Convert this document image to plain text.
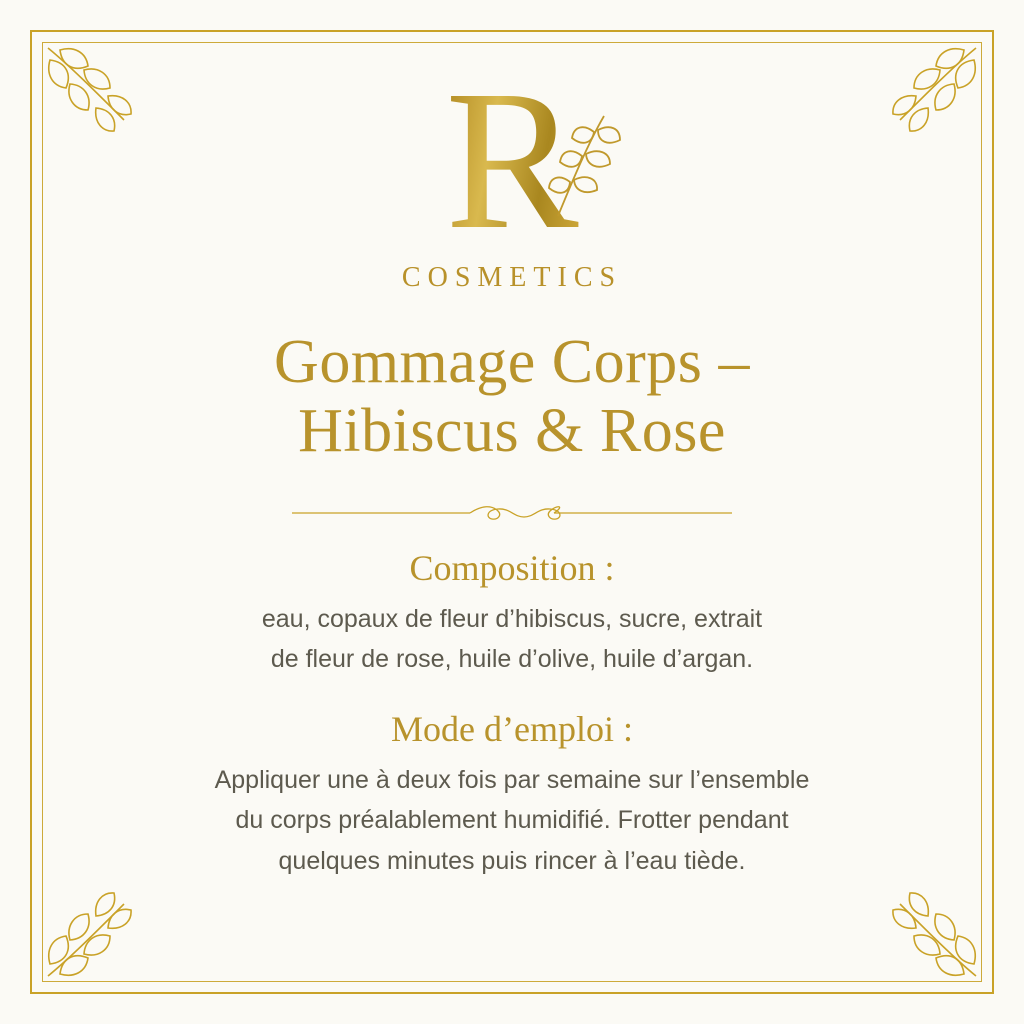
R
COSMETICS
Gommage Corps –
Hibiscus & Rose
Composition :
eau, copaux de fleur d’hibiscus, sucre, extrait
de fleur de rose, huile d’olive, huile d’argan.
Mode d’emploi :
Appliquer une à deux fois par semaine sur l’ensemble
du corps préalablement humidifié. Frotter pendant
quelques minutes puis rincer à l’eau tiède.
